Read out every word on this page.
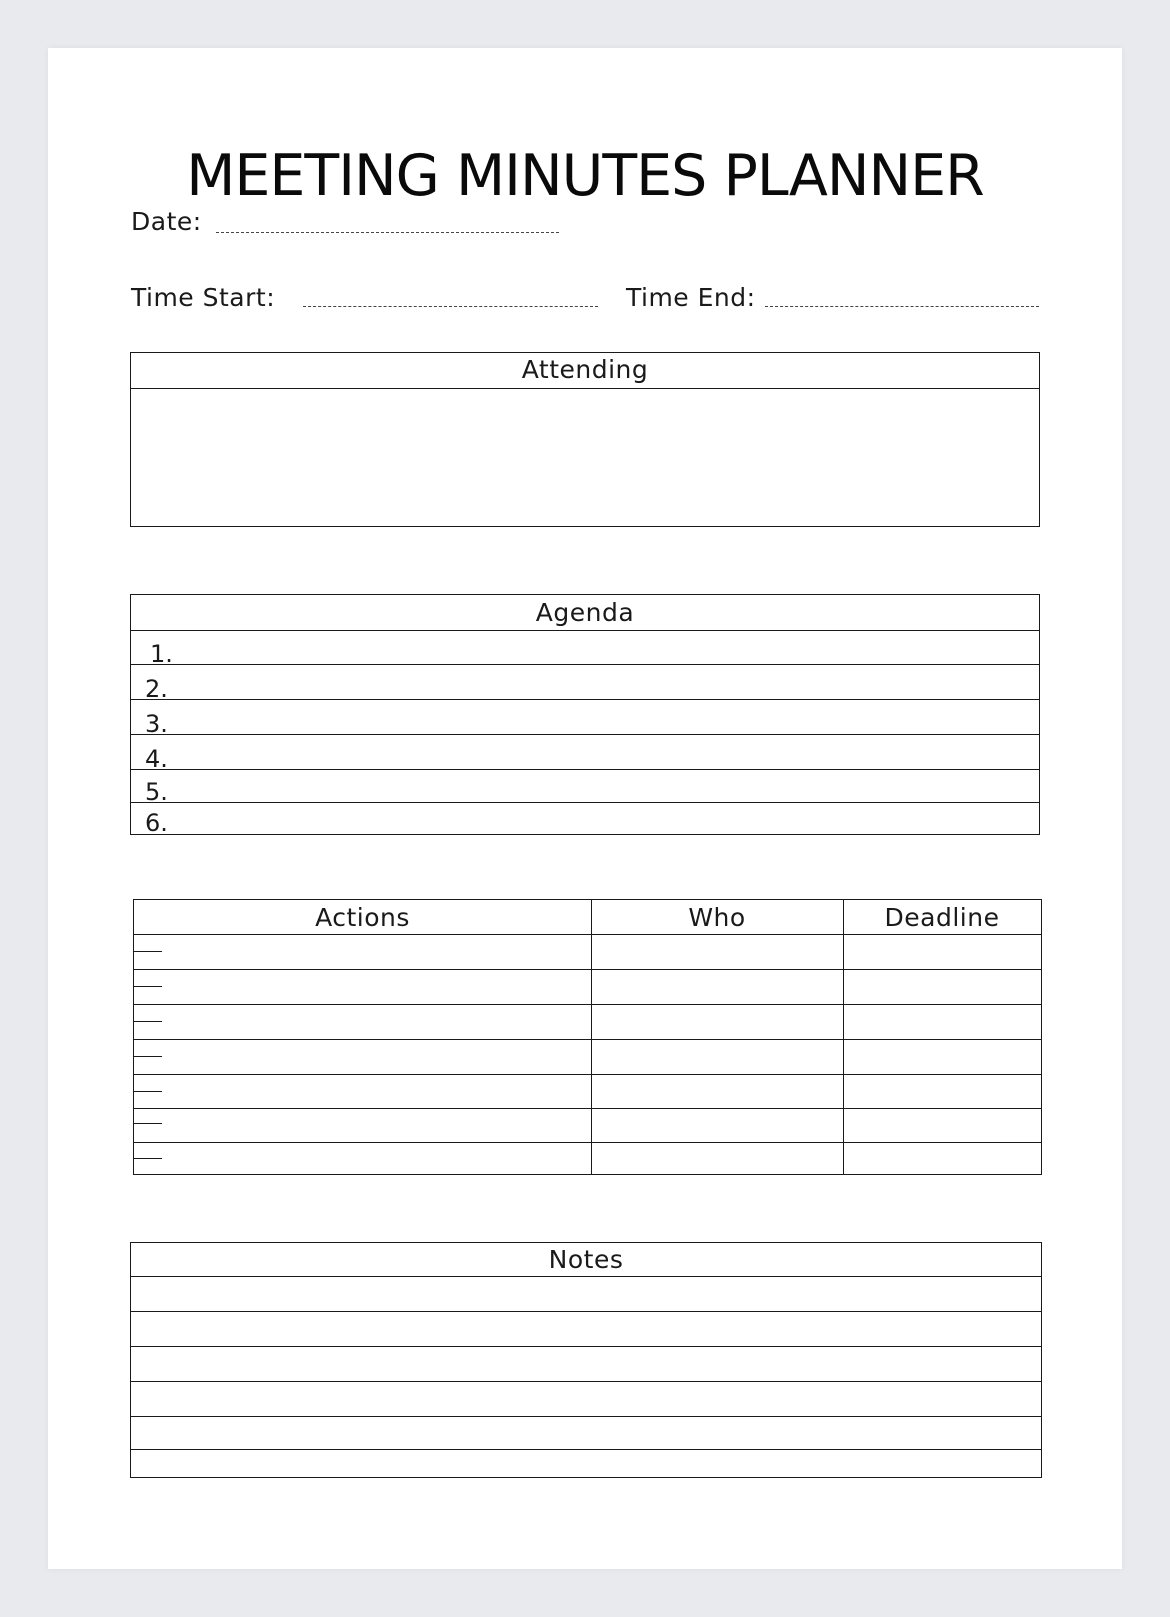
MEETING MINUTES PLANNER
Date:
Time Start:	Time End:
Attending
Agenda
1.
2.
3.
4.
5.
6.
Actions	Who	Deadline
Notes
